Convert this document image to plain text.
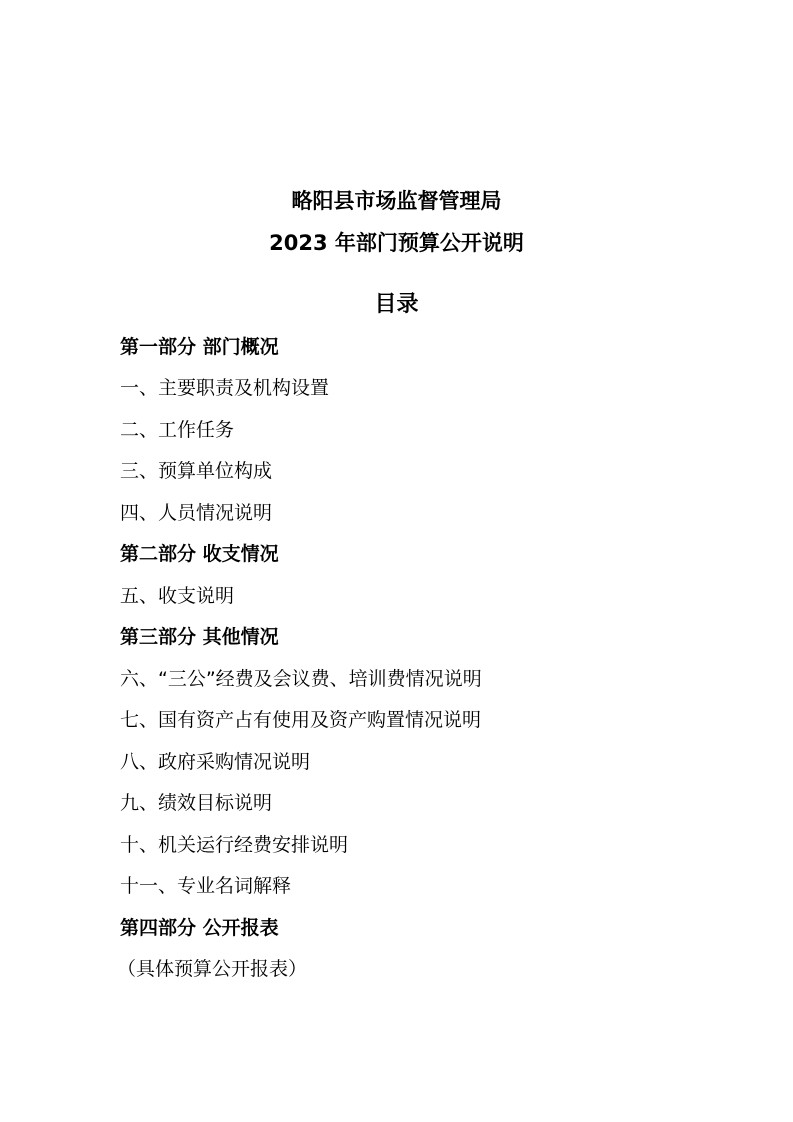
略阳县市场监督管理局
2023 年部门预算公开说明
目录
第一部分 部门概况
一、主要职责及机构设置
二、工作任务
三、预算单位构成
四、人员情况说明
第二部分 收支情况
五、收支说明
第三部分 其他情况
六、“三公”经费及会议费、培训费情况说明
七、国有资产占有使用及资产购置情况说明
八、政府采购情况说明
九、绩效目标说明
十、机关运行经费安排说明
十一、专业名词解释
第四部分 公开报表
（具体预算公开报表）
